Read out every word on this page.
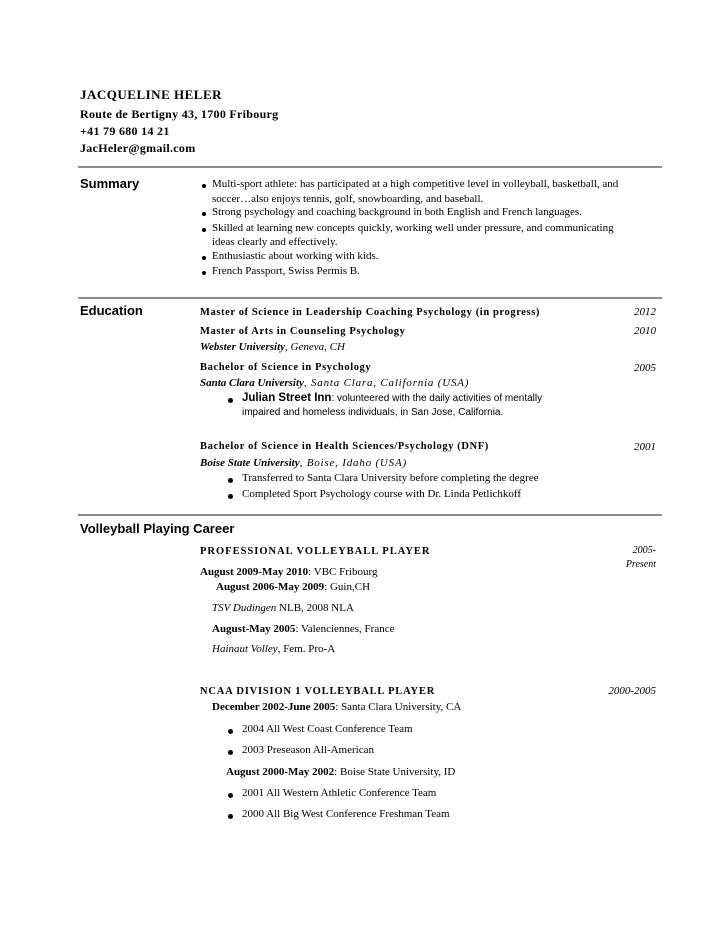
JACQUELINE HELER
Route de Bertigny 43, 1700 Fribourg
+41 79 680 14 21
JacHeler@gmail.com
Summary	Multi-sport athlete: has participated at a high competitive level in volleyball, basketball, and
soccer…also enjoys tennis, golf, snowboarding, and baseball.
Strong psychology and coaching background in both English and French languages.
Skilled at learning new concepts quickly, working well under pressure, and communicating
ideas clearly and effectively.
Enthusiastic about working with kids.
French Passport, Swiss Permis B.
Education	Master of Science in Leadership Coaching Psychology (in progress)	2012
Master of Arts in Counseling Psychology	2010
Webster University, Geneva, CH
Bachelor of Science in Psychology	2005
Santa Clara University, Santa Clara, California (USA)
Julian Street Inn: volunteered with the daily activities of mentally
impaired and homeless individuals, in San Jose, California.
Bachelor of Science in Health Sciences/Psychology (DNF)	2001
Boise State University, Boise, Idaho (USA)
Transferred to Santa Clara University before completing the degree
Completed Sport Psychology course with Dr. Linda Petlichkoff
Volleyball Playing Career
PROFESSIONAL VOLLEYBALL PLAYER	2005-
Present
August 2009-May 2010: VBC Fribourg
August 2006-May 2009: Guin,CH
TSV Dudingen NLB, 2008 NLA
August-May 2005: Valenciennes, France
Hainaut Volley, Fem. Pro-A
NCAA DIVISION 1 VOLLEYBALL PLAYER	2000-2005
December 2002-June 2005: Santa Clara University, CA
2004 All West Coast Conference Team
2003 Preseason All-American
August 2000-May 2002: Boise State University, ID
2001 All Western Athletic Conference Team
2000 All Big West Conference Freshman Team
